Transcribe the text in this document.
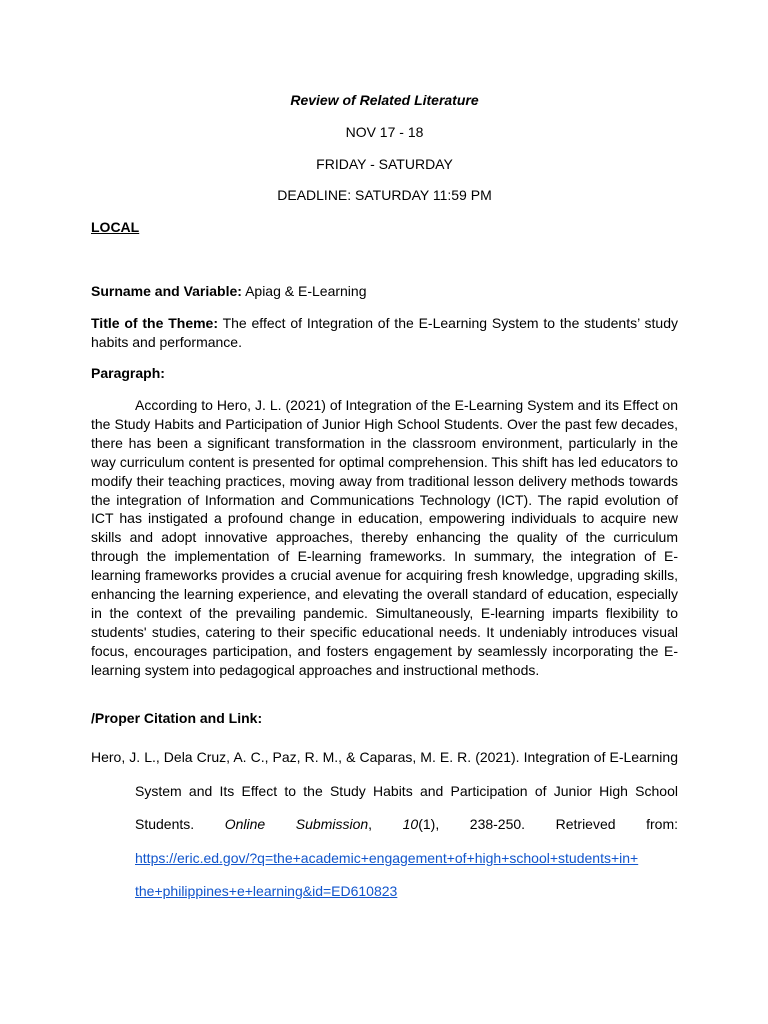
Review of Related Literature
NOV 17 - 18
FRIDAY - SATURDAY
DEADLINE: SATURDAY 11:59 PM
LOCAL
Surname and Variable: Apiag & E-Learning
Title of the Theme: The effect of Integration of the E-Learning System to the students’ study habits and performance.
Paragraph:
According to Hero, J. L. (2021) of Integration of the E-Learning System and its Effect on the Study Habits and Participation of Junior High School Students. Over the past few decades, there has been a significant transformation in the classroom environment, particularly in the way curriculum content is presented for optimal comprehension. This shift has led educators to modify their teaching practices, moving away from traditional lesson delivery methods towards the integration of Information and Communications Technology (ICT). The rapid evolution of ICT has instigated a profound change in education, empowering individuals to acquire new skills and adopt innovative approaches, thereby enhancing the quality of the curriculum through the implementation of E-learning frameworks. In summary, the integration of E-learning frameworks provides a crucial avenue for acquiring fresh knowledge, upgrading skills, enhancing the learning experience, and elevating the overall standard of education, especially in the context of the prevailing pandemic. Simultaneously, E-learning imparts flexibility to students' studies, catering to their specific educational needs. It undeniably introduces visual focus, encourages participation, and fosters engagement by seamlessly incorporating the E-learning system into pedagogical approaches and instructional methods.
/Proper Citation and Link:
Hero, J. L., Dela Cruz, A. C., Paz, R. M., & Caparas, M. E. R. (2021). Integration of E-Learning
System and Its Effect to the Study Habits and Participation of Junior High School
Students. Online Submission, 10(1), 238-250. Retrieved from:
https://eric.ed.gov/?q=the+academic+engagement+of+high+school+students+in+
the+philippines+e+learning&id=ED610823
